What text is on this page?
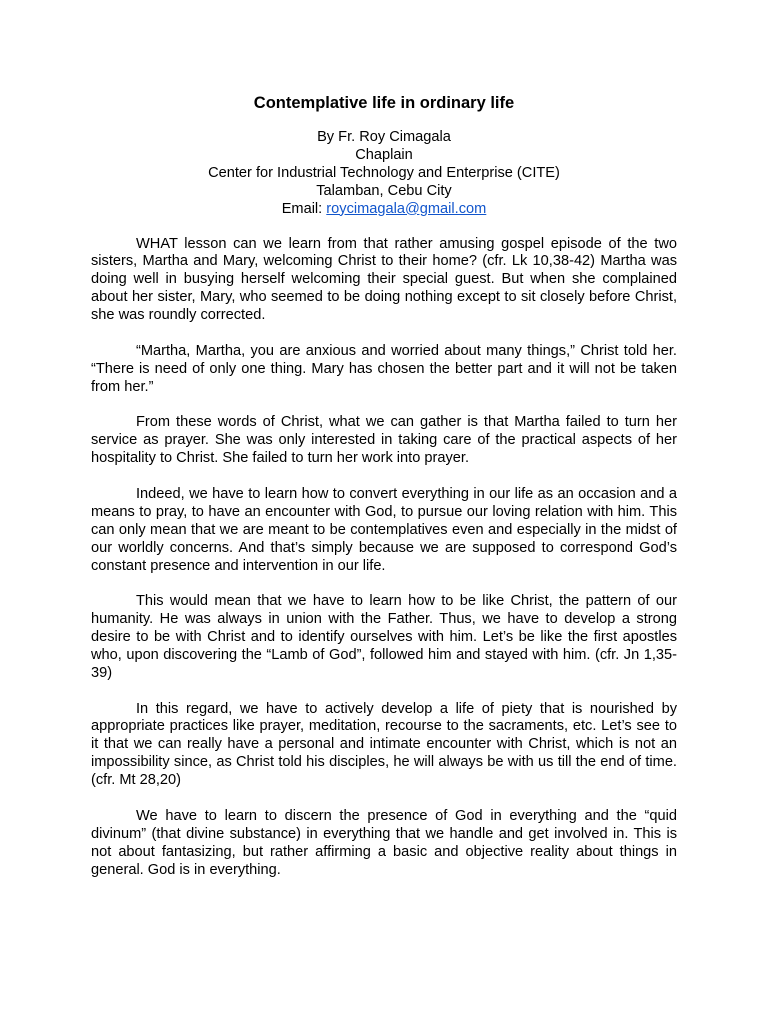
Contemplative life in ordinary life
By Fr. Roy Cimagala
Chaplain
Center for Industrial Technology and Enterprise (CITE)
Talamban, Cebu City
Email: roycimagala@gmail.com

WHAT lesson can we learn from that rather amusing gospel episode of the two sisters, Martha and Mary, welcoming Christ to their home? (cfr. Lk 10,38-42) Martha was doing well in busying herself welcoming their special guest. But when she complained about her sister, Mary, who seemed to be doing nothing except to sit closely before Christ, she was roundly corrected.

“Martha, Martha, you are anxious and worried about many things,” Christ told her. “There is need of only one thing. Mary has chosen the better part and it will not be taken from her.”

From these words of Christ, what we can gather is that Martha failed to turn her service as prayer. She was only interested in taking care of the practical aspects of her hospitality to Christ. She failed to turn her work into prayer.

Indeed, we have to learn how to convert everything in our life as an occasion and a means to pray, to have an encounter with God, to pursue our loving relation with him. This can only mean that we are meant to be contemplatives even and especially in the midst of our worldly concerns. And that’s simply because we are supposed to correspond God’s constant presence and intervention in our life.

This would mean that we have to learn how to be like Christ, the pattern of our humanity. He was always in union with the Father. Thus, we have to develop a strong desire to be with Christ and to identify ourselves with him. Let’s be like the first apostles who, upon discovering the “Lamb of God”, followed him and stayed with him. (cfr. Jn 1,35-39)

In this regard, we have to actively develop a life of piety that is nourished by appropriate practices like prayer, meditation, recourse to the sacraments, etc. Let’s see to it that we can really have a personal and intimate encounter with Christ, which is not an impossibility since, as Christ told his disciples, he will always be with us till the end of time. (cfr. Mt 28,20)

We have to learn to discern the presence of God in everything and the “quid divinum” (that divine substance) in everything that we handle and get involved in. This is not about fantasizing, but rather affirming a basic and objective reality about things in general. God is in everything.
